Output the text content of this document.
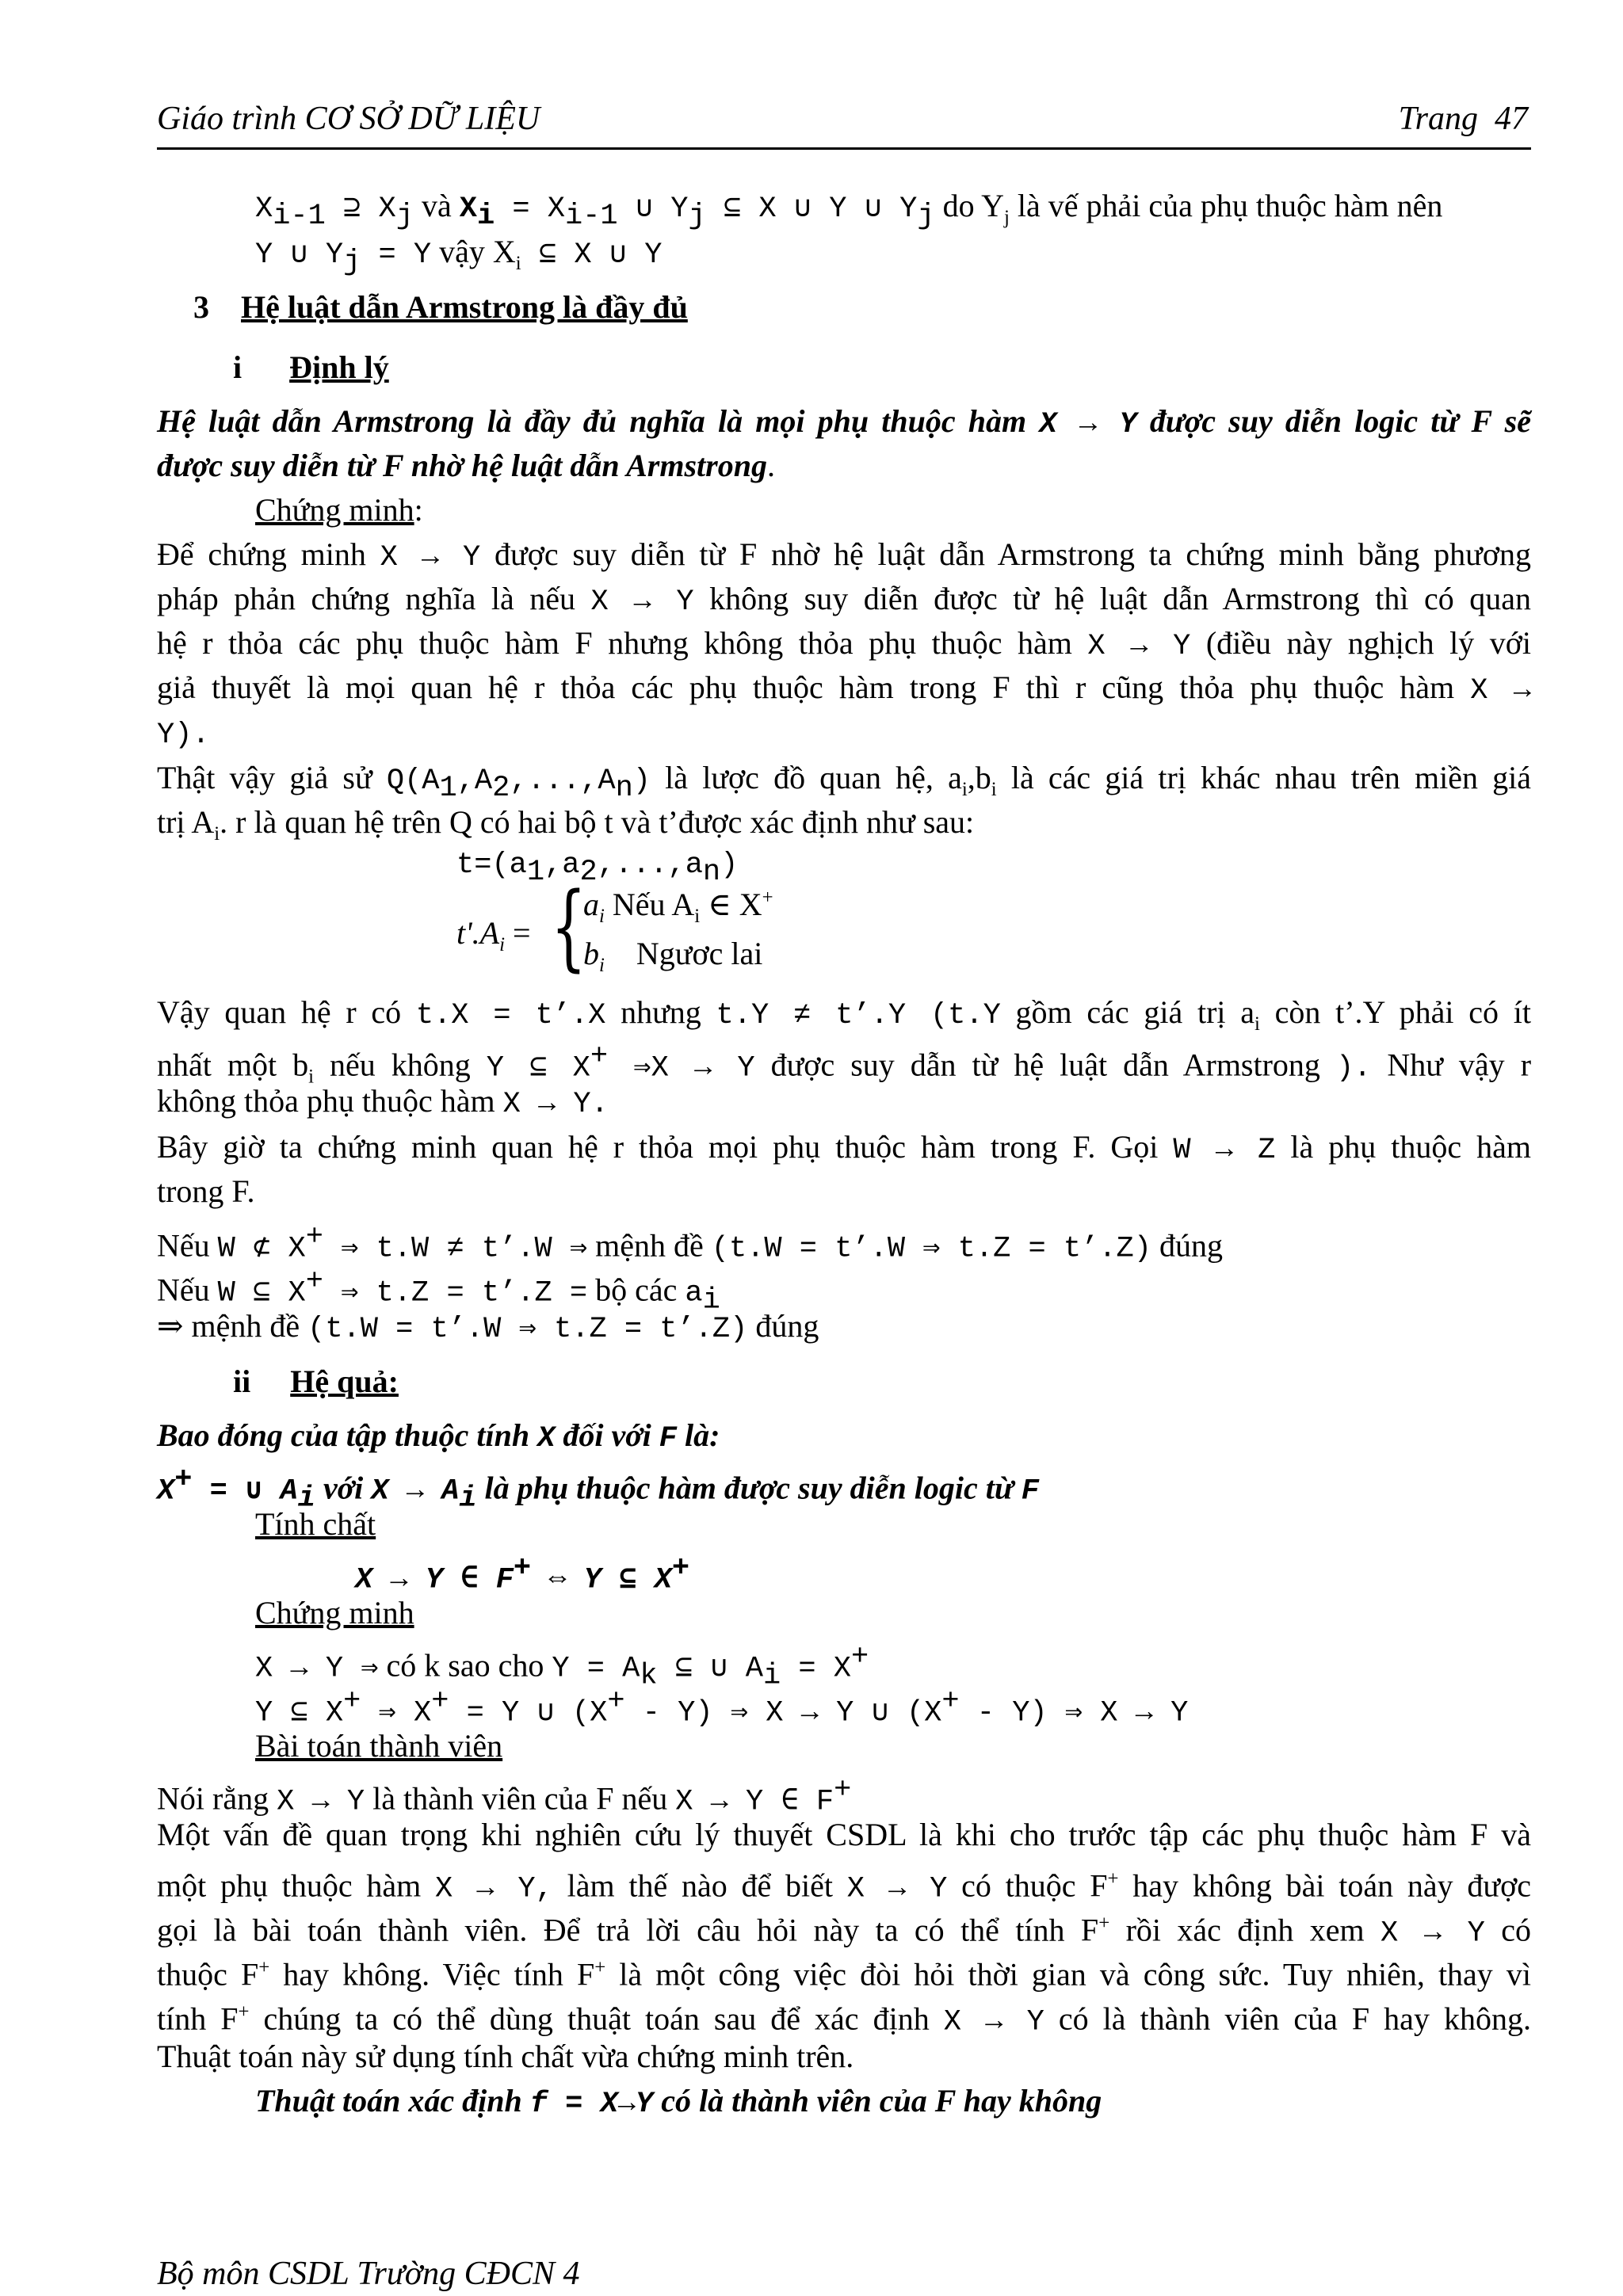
Giáo trình CƠ SỞ DỮ LIỆU	Trang 47
$X_{i-1}$ ⊇ $X_j$ và $X_i = X_{i-1}$ ∪ $Y_j$ ⊆ X ∪ Y ∪ $Y_j$ do $Y_j$ là vế phải của phụ thuộc hàm nên
Y ∪ $Y_j = Y$ vậy $X_i$ ⊆ X ∪ Y
3 Hệ luật dẫn Armstrong là đầy đủ
i Định lý
Hệ luật dẫn Armstrong là đầy đủ nghĩa là mọi phụ thuộc hàm X → Y được suy diễn logic từ F sẽ
được suy diễn từ F nhờ hệ luật dẫn Armstrong.
Chứng minh:
Để chứng minh X → Y được suy diễn từ F nhờ hệ luật dẫn Armstrong ta chứng minh bằng phương
pháp phản chứng nghĩa là nếu X → Y không suy diễn được từ hệ luật dẫn Armstrong thì có quan
hệ r thỏa các phụ thuộc hàm F nhưng không thỏa phụ thuộc hàm X → Y (điều này nghịch lý với
giả thuyết là mọi quan hệ r thỏa các phụ thuộc hàm trong F thì r cũng thỏa phụ thuộc hàm X →
Y).
Thật vậy giả sử $Q(A_1,A_2,...,A_n)$ là lược đồ quan hệ, $a_i,b_i$ là các giá trị khác nhau trên miền giá
trị $A_i$. r là quan hệ trên Q có hai bộ t và t’được xác định như sau:
$t=(a_1,a_2,...,a_n)$
$t'.A_i$ = {
$a_i$ Nếu $A_i$ ∈ X+
$b_i$ Ngươc lai
Vậy quan hệ r có t.X = t’.X nhưng t.Y ≠ t’.Y (t.Y gồm các giá trị $a_i$ còn t’.Y phải có ít
nhất một $b_i$ nếu không Y ⊆ X+ ⇒X → Y được suy dẫn từ hệ luật dẫn Armstrong ). Như vậy r
không thỏa phụ thuộc hàm X → Y.
Bây giờ ta chứng minh quan hệ r thỏa mọi phụ thuộc hàm trong F. Gọi W → Z là phụ thuộc hàm
trong F.
Nếu W ⊄ X+ ⇒ t.W ≠ t’.W ⇒ mệnh đề (t.W = t’.W ⇒ t.Z = t’.Z) đúng
Nếu W ⊆ X+ ⇒ t.Z = t’.Z = bộ các $a_i$
⇒ mệnh đề (t.W = t’.W ⇒ t.Z = t’.Z) đúng
ii Hệ quả:
Bao đóng của tập thuộc tính X đối với F là:
X+ = ∪ $A_i$ với $X \to A_i$ là phụ thuộc hàm được suy diễn logic từ F
Tính chất
X → Y ∈ F+ ⇔ Y ⊆ X+
Chứng minh
X → Y ⇒ có k sao cho $Y = A_k$ ⊆ ∪ $A_i = X^+$
Y ⊆ X+ ⇒ X+ = Y ∪ (X+ - Y) ⇒ X → Y ∪ (X+ - Y) ⇒ X → Y
Bài toán thành viên
Nói rằng X → Y là thành viên của F nếu X → Y ∈ F+
Một vấn đề quan trọng khi nghiên cứu lý thuyết CSDL là khi cho trước tập các phụ thuộc hàm F và
một phụ thuộc hàm X → Y, làm thế nào để biết X → Y có thuộc F+ hay không bài toán này được
gọi là bài toán thành viên. Để trả lời câu hỏi này ta có thể tính F+ rồi xác định xem X → Y có
thuộc F+ hay không. Việc tính F+ là một công việc đòi hỏi thời gian và công sức. Tuy nhiên, thay vì
tính F+ chúng ta có thể dùng thuật toán sau để xác định X → Y có là thành viên của F hay không.
Thuật toán này sử dụng tính chất vừa chứng minh trên.
Thuật toán xác định f = X→Y có là thành viên của F hay không
Bộ môn CSDL Trường CĐCN 4
